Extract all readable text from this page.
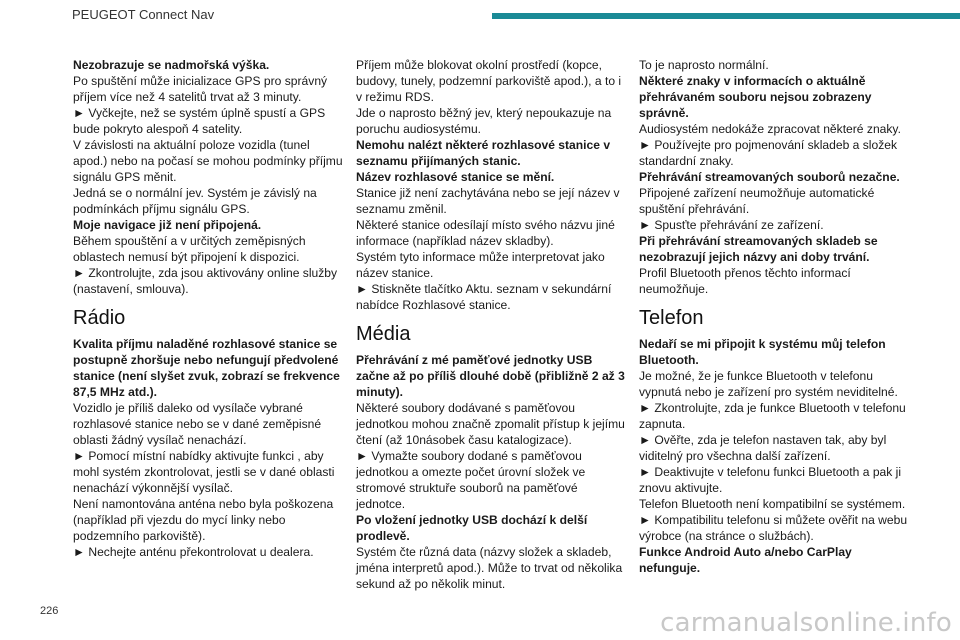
PEUGEOT Connect Nav

Nezobrazuje se nadmořská výška.

Po spuštění může inicializace GPS pro správný příjem více než 4 satelitů trvat až 3 minuty.

► Vyčkejte, než se systém úplně spustí a GPS bude pokryto alespoň 4 satelity.

V závislosti na aktuální poloze vozidla (tunel apod.) nebo na počasí se mohou podmínky příjmu signálu GPS měnit.

Jedná se o normální jev. Systém je závislý na podmínkách příjmu signálu GPS.

Moje navigace již není připojená.

Během spouštění a v určitých zeměpisných oblastech nemusí být připojení k dispozici.

► Zkontrolujte, zda jsou aktivovány online služby (nastavení, smlouva).

Rádio

Kvalita příjmu naladěné rozhlasové stanice se postupně zhoršuje nebo nefungují předvolené stanice (není slyšet zvuk, zobrazí se frekvence 87,5 MHz atd.).

Vozidlo je příliš daleko od vysílače vybrané rozhlasové stanice nebo se v dané zeměpisné oblasti žádný vysílač nenachází.

► Pomocí místní nabídky aktivujte funkci , aby mohl systém zkontrolovat, jestli se v dané oblasti nenachází výkonnější vysílač.

Není namontována anténa nebo byla poškozena (například při vjezdu do mycí linky nebo podzemního parkoviště).

► Nechejte anténu překontrolovat u dealera.

Příjem může blokovat okolní prostředí (kopce, budovy, tunely, podzemní parkoviště apod.), a to i v režimu RDS.

Jde o naprosto běžný jev, který nepoukazuje na poruchu audiosystému.

Nemohu nalézt některé rozhlasové stanice v seznamu přijímaných stanic.

Název rozhlasové stanice se mění.

Stanice již není zachytávána nebo se její název v seznamu změnil.

Některé stanice odesílají místo svého názvu jiné informace (například název skladby).

Systém tyto informace může interpretovat jako název stanice.

► Stiskněte tlačítko Aktu. seznam v sekundární nabídce Rozhlasové stanice.

Média

Přehrávání z mé paměťové jednotky USB začne až po příliš dlouhé době (přibližně 2 až 3 minuty).

Některé soubory dodávané s paměťovou jednotkou mohou značně zpomalit přístup k jejímu čtení (až 10násobek času katalogizace).

► Vymažte soubory dodané s paměťovou jednotkou a omezte počet úrovní složek ve stromové struktuře souborů na paměťové jednotce.

Po vložení jednotky USB dochází k delší prodlevě.

Systém čte různá data (názvy složek a skladeb, jména interpretů apod.). Může to trvat od několika sekund až po několik minut.

To je naprosto normální.

Některé znaky v informacích o aktuálně přehrávaném souboru nejsou zobrazeny správně.

Audiosystém nedokáže zpracovat některé znaky.

► Používejte pro pojmenování skladeb a složek standardní znaky.

Přehrávání streamovaných souborů nezačne.

Připojené zařízení neumožňuje automatické spuštění přehrávání.

► Spusťte přehrávání ze zařízení.

Při přehrávání streamovaných skladeb se nezobrazují jejich názvy ani doby trvání.

Profil Bluetooth přenos těchto informací neumožňuje.

Telefon

Nedaří se mi připojit k systému můj telefon Bluetooth.

Je možné, že je funkce Bluetooth v telefonu vypnutá nebo je zařízení pro systém neviditelné.

► Zkontrolujte, zda je funkce Bluetooth v telefonu zapnuta.

► Ověřte, zda je telefon nastaven tak, aby byl viditelný pro všechna další zařízení.

► Deaktivujte v telefonu funkci Bluetooth a pak ji znovu aktivujte.

Telefon Bluetooth není kompatibilní se systémem.

► Kompatibilitu telefonu si můžete ověřit na webu výrobce (na stránce o službách).

Funkce Android Auto a/nebo CarPlay nefunguje.

226	carmanualsonline.info
